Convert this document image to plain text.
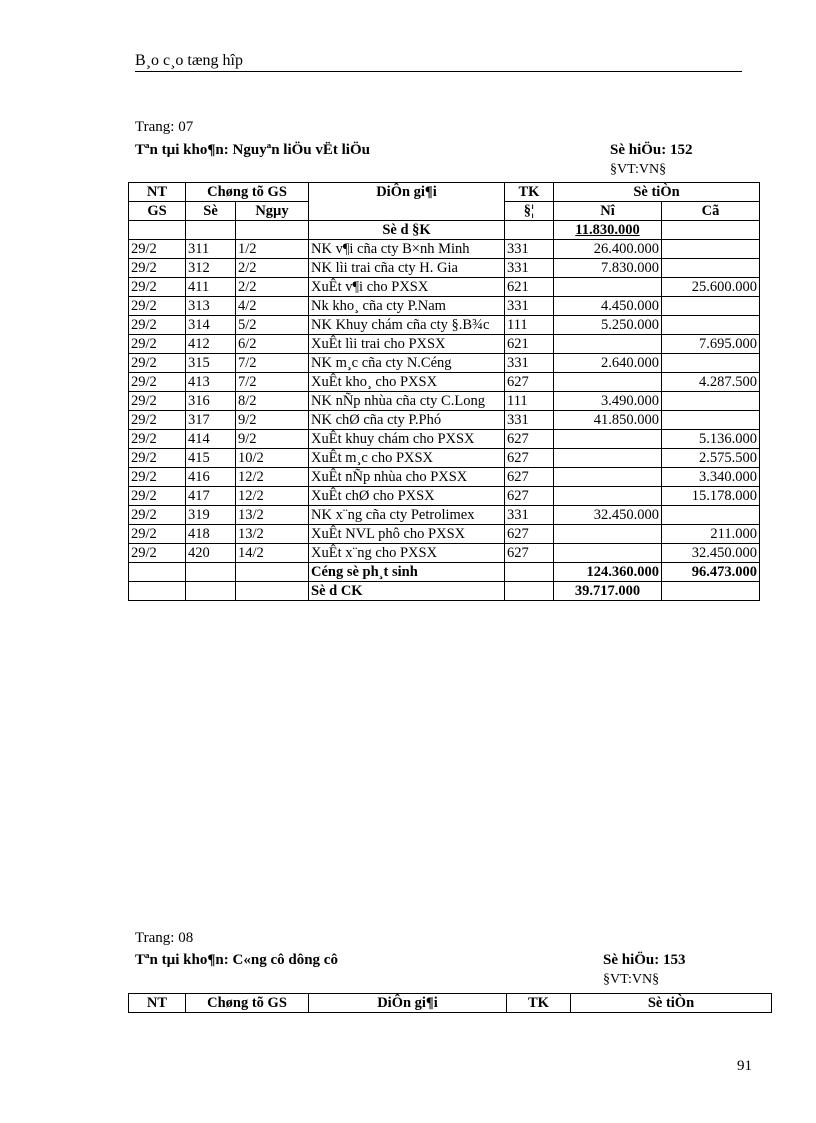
B¸o c¸o tæng hîp
Trang: 07
Tªn tµi kho¶n: Nguyªn liÖu vËt liÖu	Sè hiÖu: 152
§VT:VN§
NT	Chøng tõ GS		DiÔn gi¶i	TK	Sè tiÒn	
GS	Sè	Ngµy		§¦	Nî	Cã
			Sè d §K		11.830.000	
29/2	311	1/2	NK v¶i cña cty B×nh Minh	331	26.400.000	
29/2	312	2/2	NK lìi trai cña cty H. Gia	331	7.830.000	
29/2	411	2/2	XuÊt v¶i cho PXSX	621		25.600.000
29/2	313	4/2	Nk kho¸ cña cty P.Nam	331	4.450.000	
29/2	314	5/2	NK Khuy chám cña cty §.B¾c	111	5.250.000	
29/2	412	6/2	XuÊt lìi trai cho PXSX	621		7.695.000
29/2	315	7/2	NK m¸c cña cty N.Céng	331	2.640.000	
29/2	413	7/2	XuÊt kho¸ cho PXSX	627		4.287.500
29/2	316	8/2	NK nÑp nhùa cña cty C.Long	111	3.490.000	
29/2	317	9/2	NK chØ cña cty P.Phó	331	41.850.000	
29/2	414	9/2	XuÊt khuy chám cho PXSX	627		5.136.000
29/2	415	10/2	XuÊt m¸c cho PXSX	627		2.575.500
29/2	416	12/2	XuÊt nÑp nhùa cho PXSX	627		3.340.000
29/2	417	12/2	XuÊt chØ cho PXSX	627		15.178.000
29/2	319	13/2	NK x¨ng cña cty Petrolimex	331	32.450.000	
29/2	418	13/2	XuÊt NVL phô cho PXSX	627		211.000
29/2	420	14/2	XuÊt x¨ng cho PXSX	627		32.450.000
			Céng sè ph¸t sinh		124.360.000	96.473.000
			Sè d CK		39.717.000	
Trang: 08
Tªn tµi kho¶n: C«ng cô dông cô	Sè hiÖu: 153
§VT:VN§
NT	Chøng tõ GS	DiÔn gi¶i	TK	Sè tiÒn
91
